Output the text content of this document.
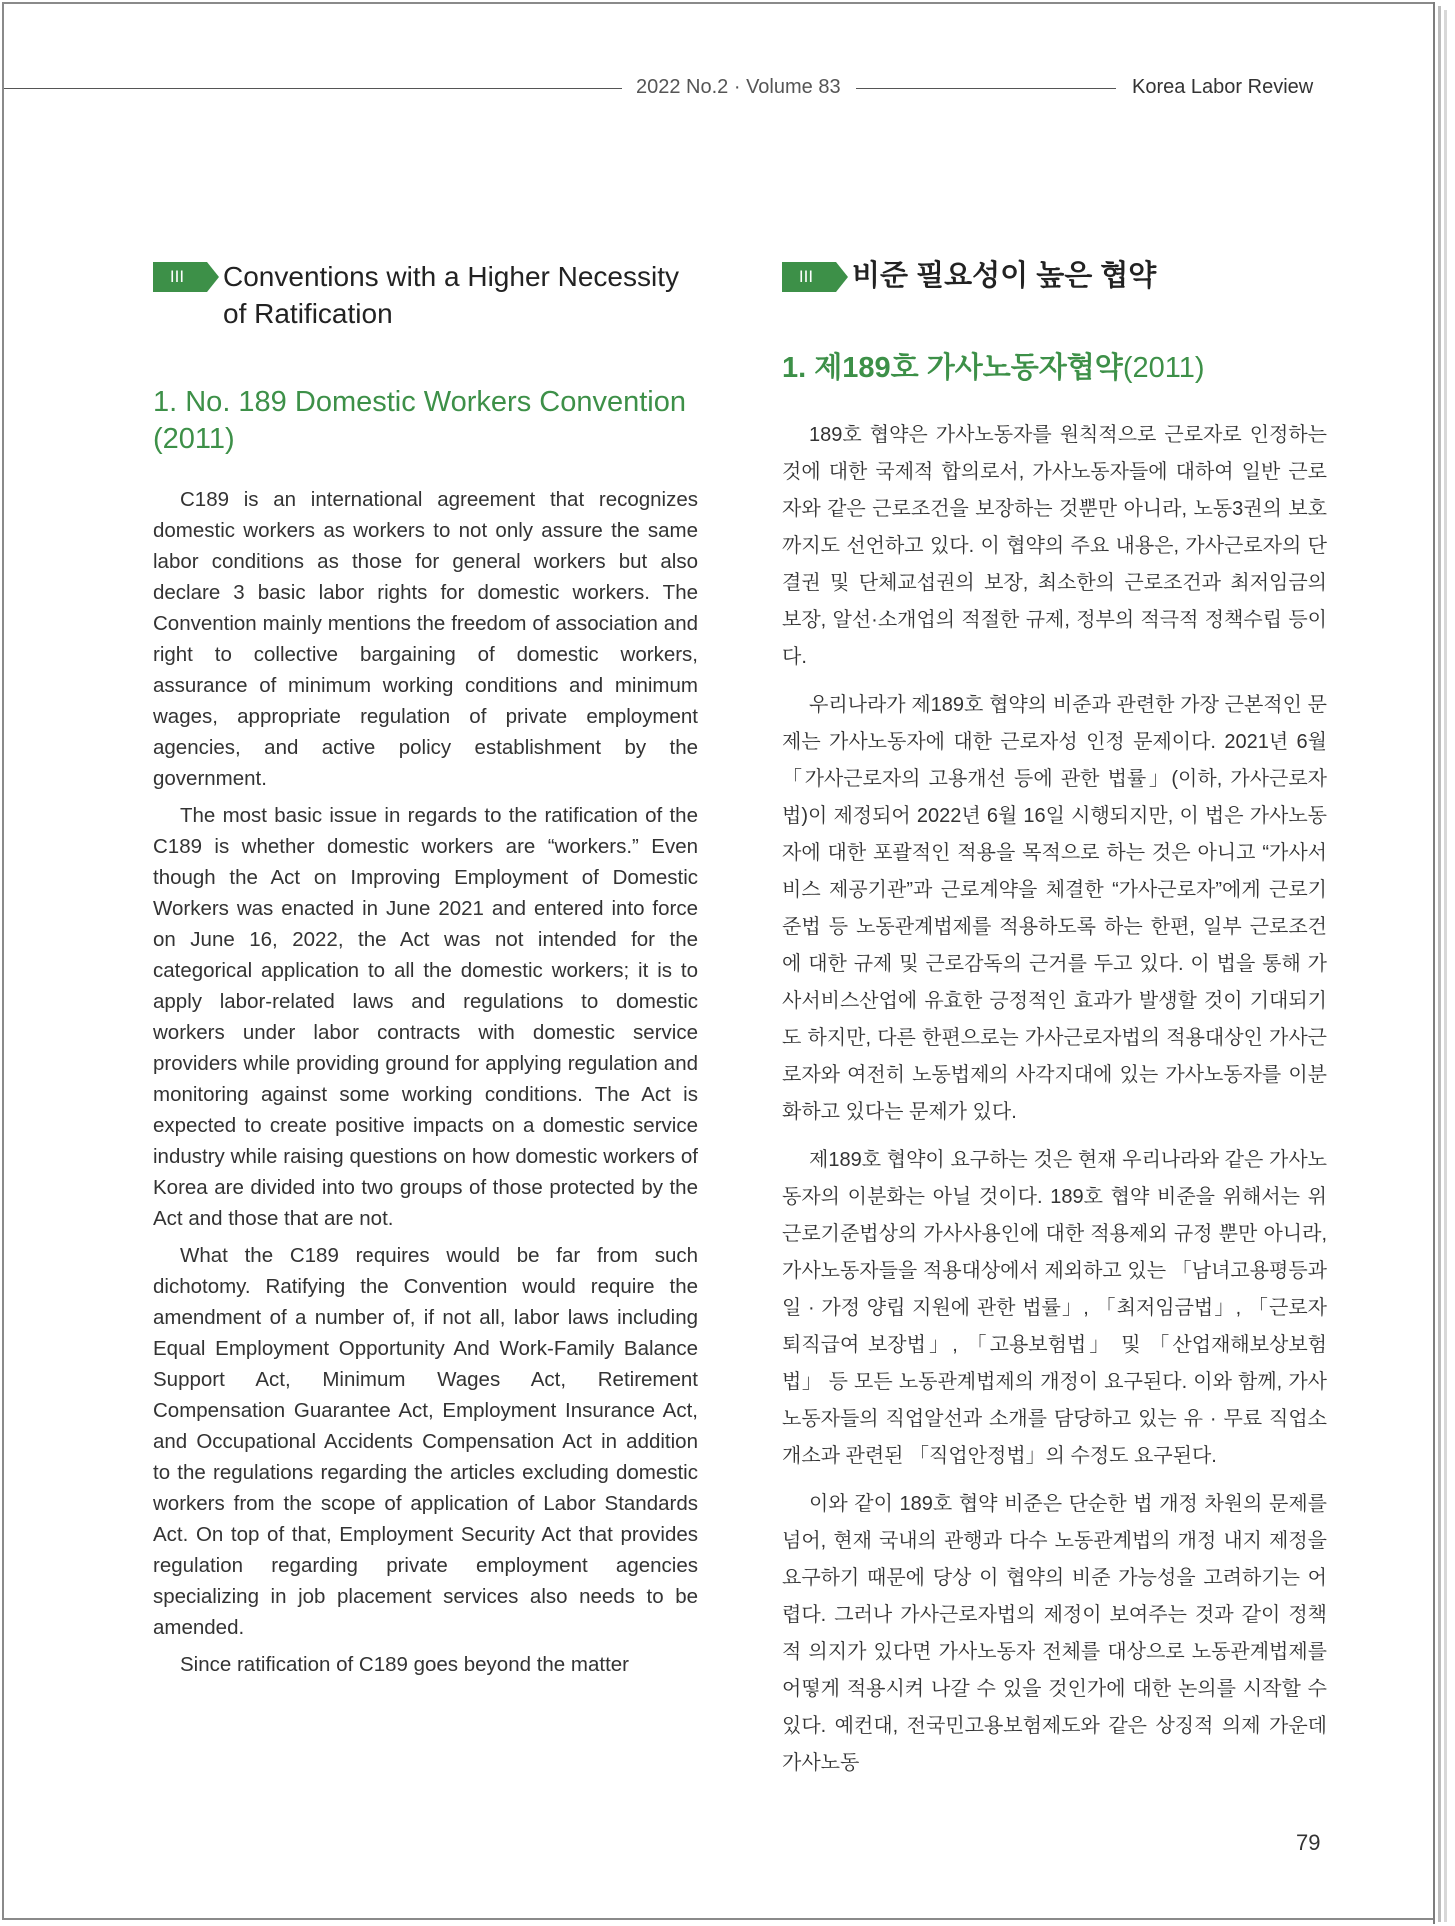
2022 No.2 · Volume 83	Korea Labor Review
III	Conventions with a Higher Necessity of Ratification
1. No. 189 Domestic Workers Convention
(2011)

C189 is an international agreement that recognizes domestic workers as workers to not only assure the same labor conditions as those for general workers but also declare 3 basic labor rights for domestic workers. The Convention mainly mentions the freedom of association and right to collective bargaining of domestic workers, assurance of minimum working conditions and minimum wages, appropriate regulation of private employment agencies, and active policy establishment by the government.

The most basic issue in regards to the ratification of the C189 is whether domestic workers are “workers.” Even though the Act on Improving Employment of Domestic Workers was enacted in June 2021 and entered into force on June 16, 2022, the Act was not intended for the categorical application to all the domestic workers; it is to apply labor-related laws and regulations to domestic workers under labor contracts with domestic service providers while providing ground for applying regulation and monitoring against some working conditions. The Act is expected to create positive impacts on a domestic service industry while raising questions on how domestic workers of Korea are divided into two groups of those protected by the Act and those that are not.

What the C189 requires would be far from such dichotomy. Ratifying the Convention would require the amendment of a number of, if not all, labor laws including Equal Employment Opportunity And Work-Family Balance Support Act, Minimum Wages Act, Retirement Compensation Guarantee Act, Employment Insurance Act, and Occupational Accidents Compensation Act in addition to the regulations regarding the articles excluding domestic workers from the scope of application of Labor Standards Act. On top of that, Employment Security Act that provides regulation regarding private employment agencies specializing in job placement services also needs to be amended.

Since ratification of C189 goes beyond the matter

III	비준 필요성이 높은 협약
1. 제189호 가사노동자협약(2011)

189호 협약은 가사노동자를 원칙적으로 근로자로 인정하는 것에 대한 국제적 합의로서, 가사노동자들에 대하여 일반 근로자와 같은 근로조건을 보장하는 것뿐만 아니라, 노동3권의 보호까지도 선언하고 있다. 이 협약의 주요 내용은, 가사근로자의 단결권 및 단체교섭권의 보장, 최소한의 근로조건과 최저임금의 보장, 알선·소개업의 적절한 규제, 정부의 적극적 정책수립 등이다.

우리나라가 제189호 협약의 비준과 관련한 가장 근본적인 문제는 가사노동자에 대한 근로자성 인정 문제이다. 2021년 6월 「가사근로자의 고용개선 등에 관한 법률」(이하, 가사근로자법)이 제정되어 2022년 6월 16일 시행되지만, 이 법은 가사노동자에 대한 포괄적인 적용을 목적으로 하는 것은 아니고 “가사서비스 제공기관”과 근로계약을 체결한 “가사근로자”에게 근로기준법 등 노동관계법제를 적용하도록 하는 한편, 일부 근로조건에 대한 규제 및 근로감독의 근거를 두고 있다. 이 법을 통해 가사서비스산업에 유효한 긍정적인 효과가 발생할 것이 기대되기도 하지만, 다른 한편으로는 가사근로자법의 적용대상인 가사근로자와 여전히 노동법제의 사각지대에 있는 가사노동자를 이분화하고 있다는 문제가 있다.

제189호 협약이 요구하는 것은 현재 우리나라와 같은 가사노동자의 이분화는 아닐 것이다. 189호 협약 비준을 위해서는 위 근로기준법상의 가사사용인에 대한 적용제외 규정 뿐만 아니라, 가사노동자들을 적용대상에서 제외하고 있는 「남녀고용평등과 일 · 가정 양립 지원에 관한 법률」, 「최저임금법」, 「근로자퇴직급여 보장법」, 「고용보험법」 및 「산업재해보상보험법」 등 모든 노동관계법제의 개정이 요구된다. 이와 함께, 가사노동자들의 직업알선과 소개를 담당하고 있는 유 · 무료 직업소개소과 관련된 「직업안정법」의 수정도 요구된다.

이와 같이 189호 협약 비준은 단순한 법 개정 차원의 문제를 넘어, 현재 국내의 관행과 다수 노동관계법의 개정 내지 제정을 요구하기 때문에 당상 이 협약의 비준 가능성을 고려하기는 어렵다. 그러나 가사근로자법의 제정이 보여주는 것과 같이 정책적 의지가 있다면 가사노동자 전체를 대상으로 노동관계법제를 어떻게 적용시켜 나갈 수 있을 것인가에 대한 논의를 시작할 수 있다. 예컨대, 전국민고용보험제도와 같은 상징적 의제 가운데 가사노동

79
